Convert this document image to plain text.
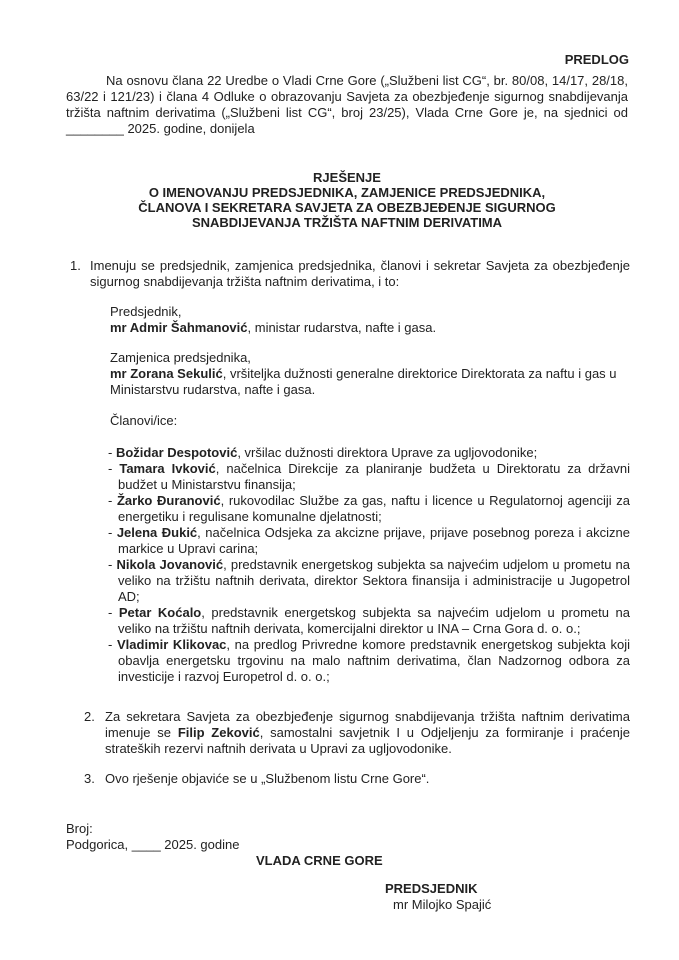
PREDLOG
Na osnovu člana 22 Uredbe o Vladi Crne Gore („Službeni list CG“, br. 80/08, 14/17, 28/18, 63/22 i 121/23) i člana 4 Odluke o obrazovanju Savjeta za obezbjeđenje sigurnog snabdijevanja tržišta naftnim derivatima („Službeni list CG“, broj 23/25), Vlada Crne Gore je, na sjednici od ________ 2025. godine, donijela
RJEŠENJE
O IMENOVANJU PREDSJEDNIKA, ZAMJENICE PREDSJEDNIKA,
ČLANOVA I SEKRETARA SAVJETA ZA OBEZBJEĐENJE SIGURNOG
SNABDIJEVANJA TRŽIŠTA NAFTNIM DERIVATIMA
1. Imenuju se predsjednik, zamjenica predsjednika, članovi i sekretar Savjeta za obezbjeđenje sigurnog snabdijevanja tržišta naftnim derivatima, i to:
Predsjednik,
mr Admir Šahmanović, ministar rudarstva, nafte i gasa.
Zamjenica predsjednika,
mr Zorana Sekulić, vršiteljka dužnosti generalne direktorice Direktorata za naftu i gas u Ministarstvu rudarstva, nafte i gasa.
Članovi/ice:
- Božidar Despotović, vršilac dužnosti direktora Uprave za ugljovodonike;
- Tamara Ivković, načelnica Direkcije za planiranje budžeta u Direktoratu za državni budžet u Ministarstvu finansija;
- Žarko Đuranović, rukovodilac Službe za gas, naftu i licence u Regulatornoj agenciji za energetiku i regulisane komunalne djelatnosti;
- Jelena Đukić, načelnica Odsjeka za akcizne prijave, prijave posebnog poreza i akcizne markice u Upravi carina;
- Nikola Jovanović, predstavnik energetskog subjekta sa najvećim udjelom u prometu na veliko na tržištu naftnih derivata, direktor Sektora finansija i administracije u Jugopetrol AD;
- Petar Koćalo, predstavnik energetskog subjekta sa najvećim udjelom u prometu na veliko na tržištu naftnih derivata, komercijalni direktor u INA – Crna Gora d. o. o.;
- Vladimir Klikovac, na predlog Privredne komore predstavnik energetskog subjekta koji obavlja energetsku trgovinu na malo naftnim derivatima, član Nadzornog odbora za investicije i razvoj Europetrol d. o. o.;
2. Za sekretara Savjeta za obezbjeđenje sigurnog snabdijevanja tržišta naftnim derivatima imenuje se Filip Zeković, samostalni savjetnik I u Odjeljenju za formiranje i praćenje strateških rezervi naftnih derivata u Upravi za ugljovodonike.
3. Ovo rješenje objaviće se u „Službenom listu Crne Gore“.
Broj:
Podgorica, ____ 2025. godine
VLADA CRNE GORE
PREDSJEDNIK
mr Milojko Spajić
